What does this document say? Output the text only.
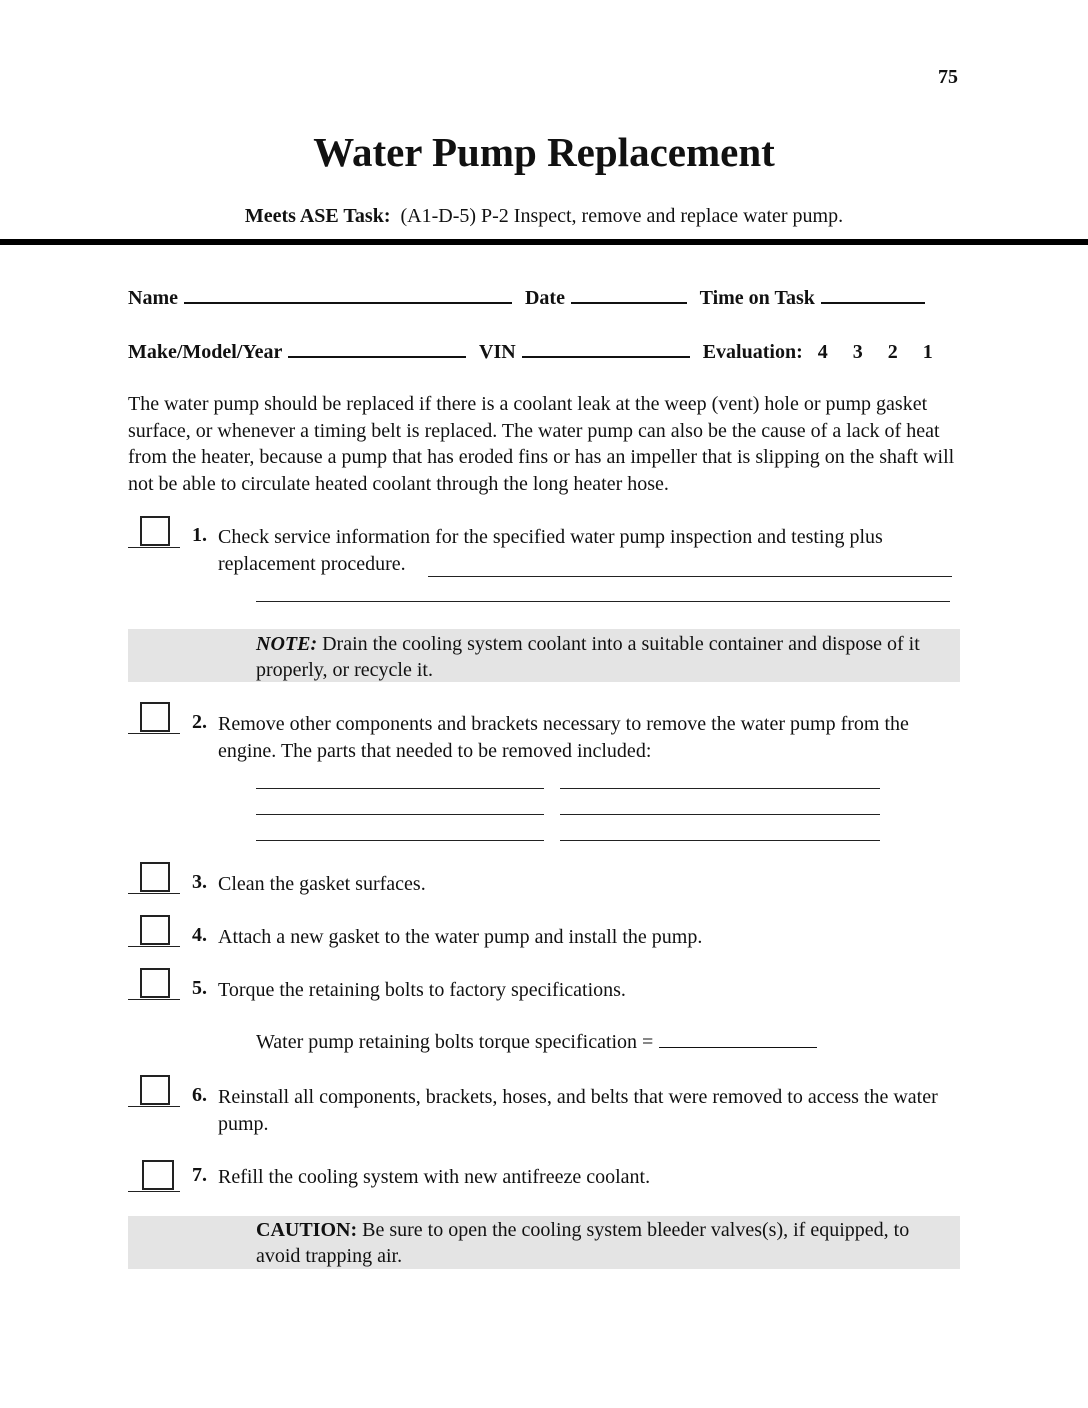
75
Water Pump Replacement
Meets ASE Task: (A1-D-5) P-2 Inspect, remove and replace water pump.
Name	Date	Time on Task
Make/Model/Year	VIN	Evaluation: 4 3 2 1
The water pump should be replaced if there is a coolant leak at the weep (vent) hole or pump gasket surface, or whenever a timing belt is replaced. The water pump can also be the cause of a lack of heat from the heater, because a pump that has eroded fins or has an impeller that is slipping on the shaft will not be able to circulate heated coolant through the long heater hose.
1. Check service information for the specified water pump inspection and testing plus replacement procedure.
NOTE: Drain the cooling system coolant into a suitable container and dispose of it properly, or recycle it.
2. Remove other components and brackets necessary to remove the water pump from the engine. The parts that needed to be removed included:
3. Clean the gasket surfaces.
4. Attach a new gasket to the water pump and install the pump.
5. Torque the retaining bolts to factory specifications.
Water pump retaining bolts torque specification =
6. Reinstall all components, brackets, hoses, and belts that were removed to access the water pump.
7. Refill the cooling system with new antifreeze coolant.
CAUTION: Be sure to open the cooling system bleeder valves(s), if equipped, to avoid trapping air.
